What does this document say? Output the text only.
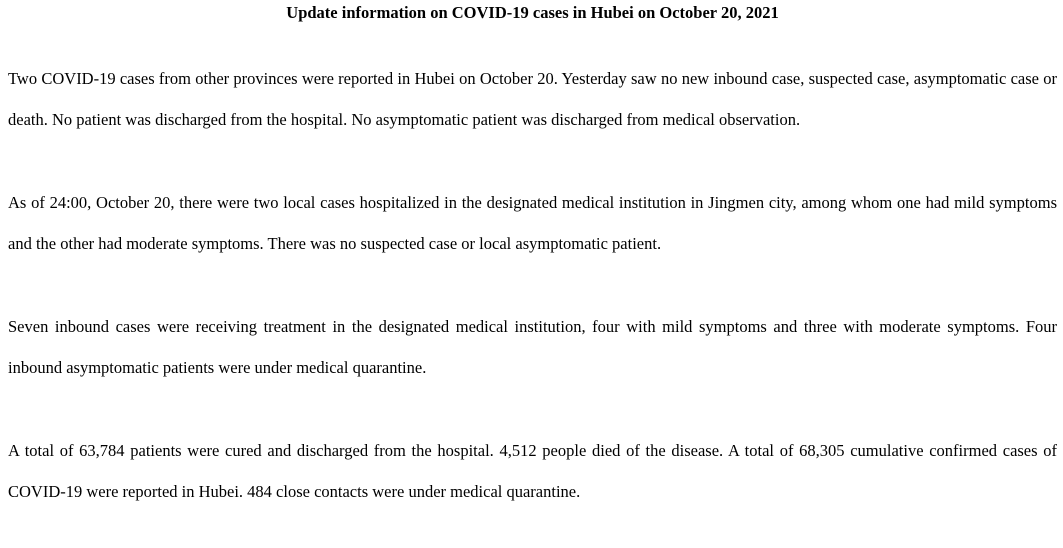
Update information on COVID-19 cases in Hubei on October 20, 2021

Two COVID-19 cases from other provinces were reported in Hubei on October 20. Yesterday saw no new inbound case, suspected case, asymptomatic case or death. No patient was discharged from the hospital. No asymptomatic patient was discharged from medical observation.

As of 24:00, October 20, there were two local cases hospitalized in the designated medical institution in Jingmen city, among whom one had mild symptoms and the other had moderate symptoms. There was no suspected case or local asymptomatic patient.

Seven inbound cases were receiving treatment in the designated medical institution, four with mild symptoms and three with moderate symptoms. Four inbound asymptomatic patients were under medical quarantine.

A total of 63,784 patients were cured and discharged from the hospital. 4,512 people died of the disease. A total of 68,305 cumulative confirmed cases of COVID-19 were reported in Hubei. 484 close contacts were under medical quarantine.
